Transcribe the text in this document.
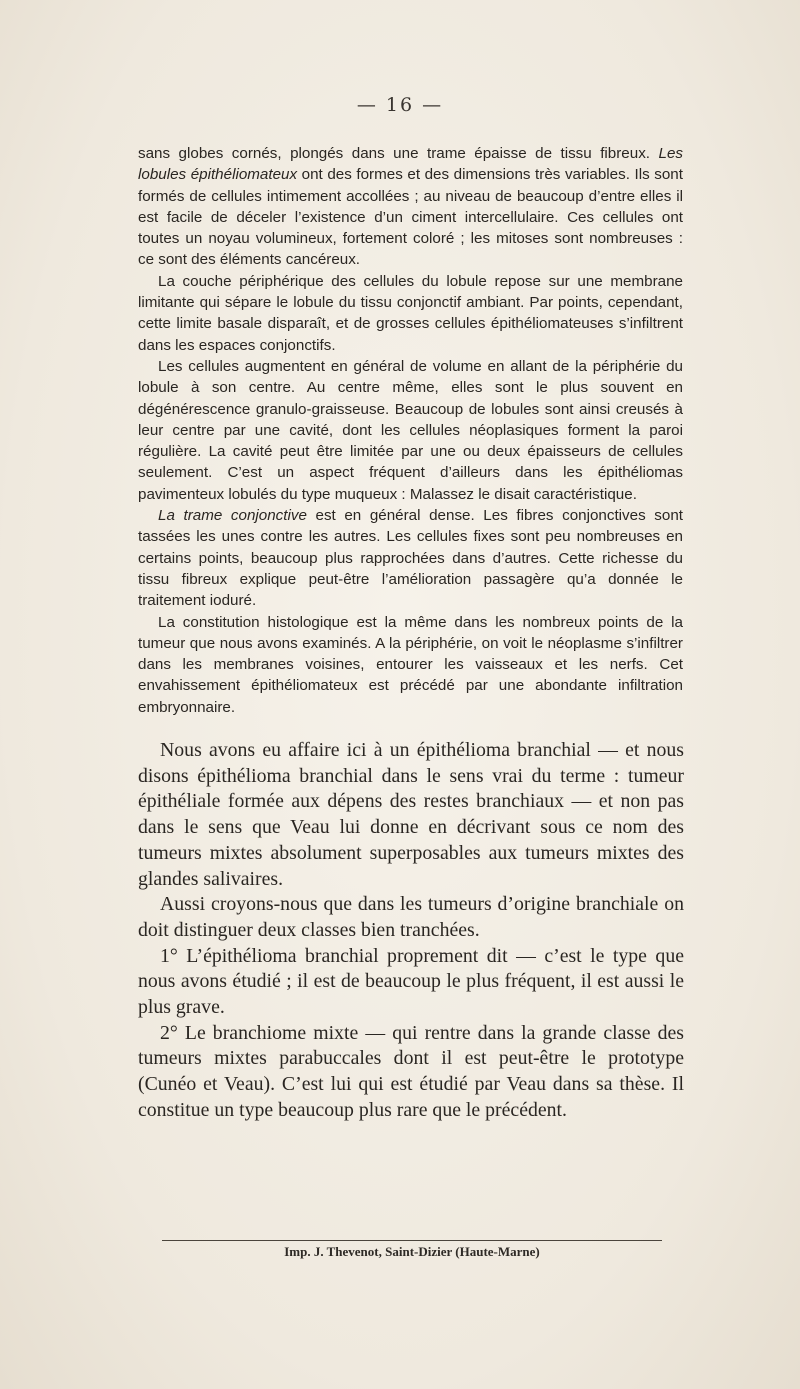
— 16 —

sans globes cornés, plongés dans une trame épaisse de tissu fibreux. Les lobules épithéliomateux ont des formes et des dimensions très variables. Ils sont formés de cellules intimement accollées ; au niveau de beaucoup d’entre elles il est facile de déceler l’existence d’un ciment intercellulaire. Ces cellules ont toutes un noyau volumineux, fortement coloré ; les mitoses sont nombreuses : ce sont des éléments cancéreux.

La couche périphérique des cellules du lobule repose sur une membrane limitante qui sépare le lobule du tissu conjonctif ambiant. Par points, cependant, cette limite basale disparaît, et de grosses cellules épithéliomateuses s’infiltrent dans les espaces conjonctifs.

Les cellules augmentent en général de volume en allant de la périphérie du lobule à son centre. Au centre même, elles sont le plus souvent en dégénérescence granulo-graisseuse. Beaucoup de lobules sont ainsi creusés à leur centre par une cavité, dont les cellules néoplasiques forment la paroi régulière. La cavité peut être limitée par une ou deux épaisseurs de cellules seulement. C’est un aspect fréquent d’ailleurs dans les épithéliomas pavimenteux lobulés du type muqueux : Malassez le disait caractéristique.

La trame conjonctive est en général dense. Les fibres conjonctives sont tassées les unes contre les autres. Les cellules fixes sont peu nombreuses en certains points, beaucoup plus rapprochées dans d’autres. Cette richesse du tissu fibreux explique peut-être l’amélioration passagère qu’a donnée le traitement ioduré.

La constitution histologique est la même dans les nombreux points de la tumeur que nous avons examinés. A la périphérie, on voit le néoplasme s’infiltrer dans les membranes voisines, entourer les vaisseaux et les nerfs. Cet envahissement épithéliomateux est précédé par une abondante infiltration embryonnaire.

Nous avons eu affaire ici à un épithélioma branchial — et nous disons épithélioma branchial dans le sens vrai du terme : tumeur épithéliale formée aux dépens des restes branchiaux — et non pas dans le sens que Veau lui donne en décrivant sous ce nom des tumeurs mixtes absolument superposables aux tumeurs mixtes des glandes salivaires.

Aussi croyons-nous que dans les tumeurs d’origine branchiale on doit distinguer deux classes bien tranchées.

1° L’épithélioma branchial proprement dit — c’est le type que nous avons étudié ; il est de beaucoup le plus fréquent, il est aussi le plus grave.

2° Le branchiome mixte — qui rentre dans la grande classe des tumeurs mixtes parabuccales dont il est peut-être le prototype (Cunéo et Veau). C’est lui qui est étudié par Veau dans sa thèse. Il constitue un type beaucoup plus rare que le précédent.

Imp. J. Thevenot, Saint-Dizier (Haute-Marne)
